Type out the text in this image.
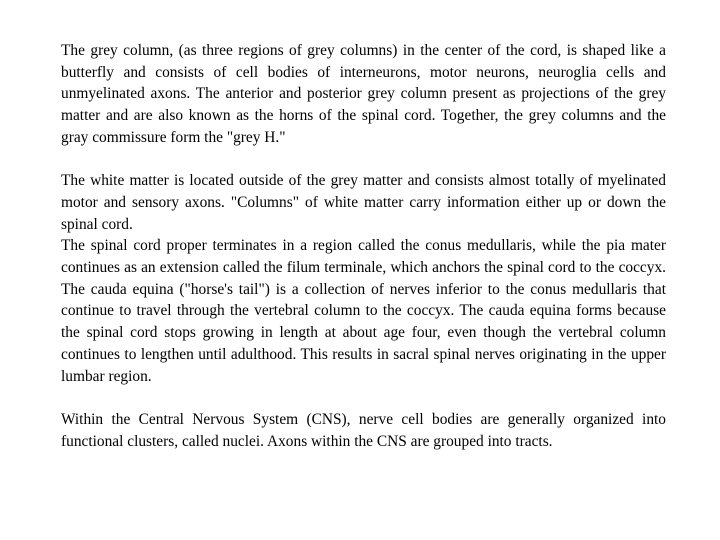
The grey column, (as three regions of grey columns) in the center of the cord, is shaped like a butterfly and consists of cell bodies of interneurons, motor neurons, neuroglia cells and unmyelinated axons. The anterior and posterior grey column present as projections of the grey matter and are also known as the horns of the spinal cord. Together, the grey columns and the gray commissure form the "grey H."

The white matter is located outside of the grey matter and consists almost totally of myelinated motor and sensory axons. "Columns" of white matter carry information either up or down the spinal cord.

The spinal cord proper terminates in a region called the conus medullaris, while the pia mater continues as an extension called the filum terminale, which anchors the spinal cord to the coccyx. The cauda equina ("horse's tail") is a collection of nerves inferior to the conus medullaris that continue to travel through the vertebral column to the coccyx. The cauda equina forms because the spinal cord stops growing in length at about age four, even though the vertebral column continues to lengthen until adulthood. This results in sacral spinal nerves originating in the upper lumbar region.

Within the Central Nervous System (CNS), nerve cell bodies are generally organized into functional clusters, called nuclei. Axons within the CNS are grouped into tracts.
